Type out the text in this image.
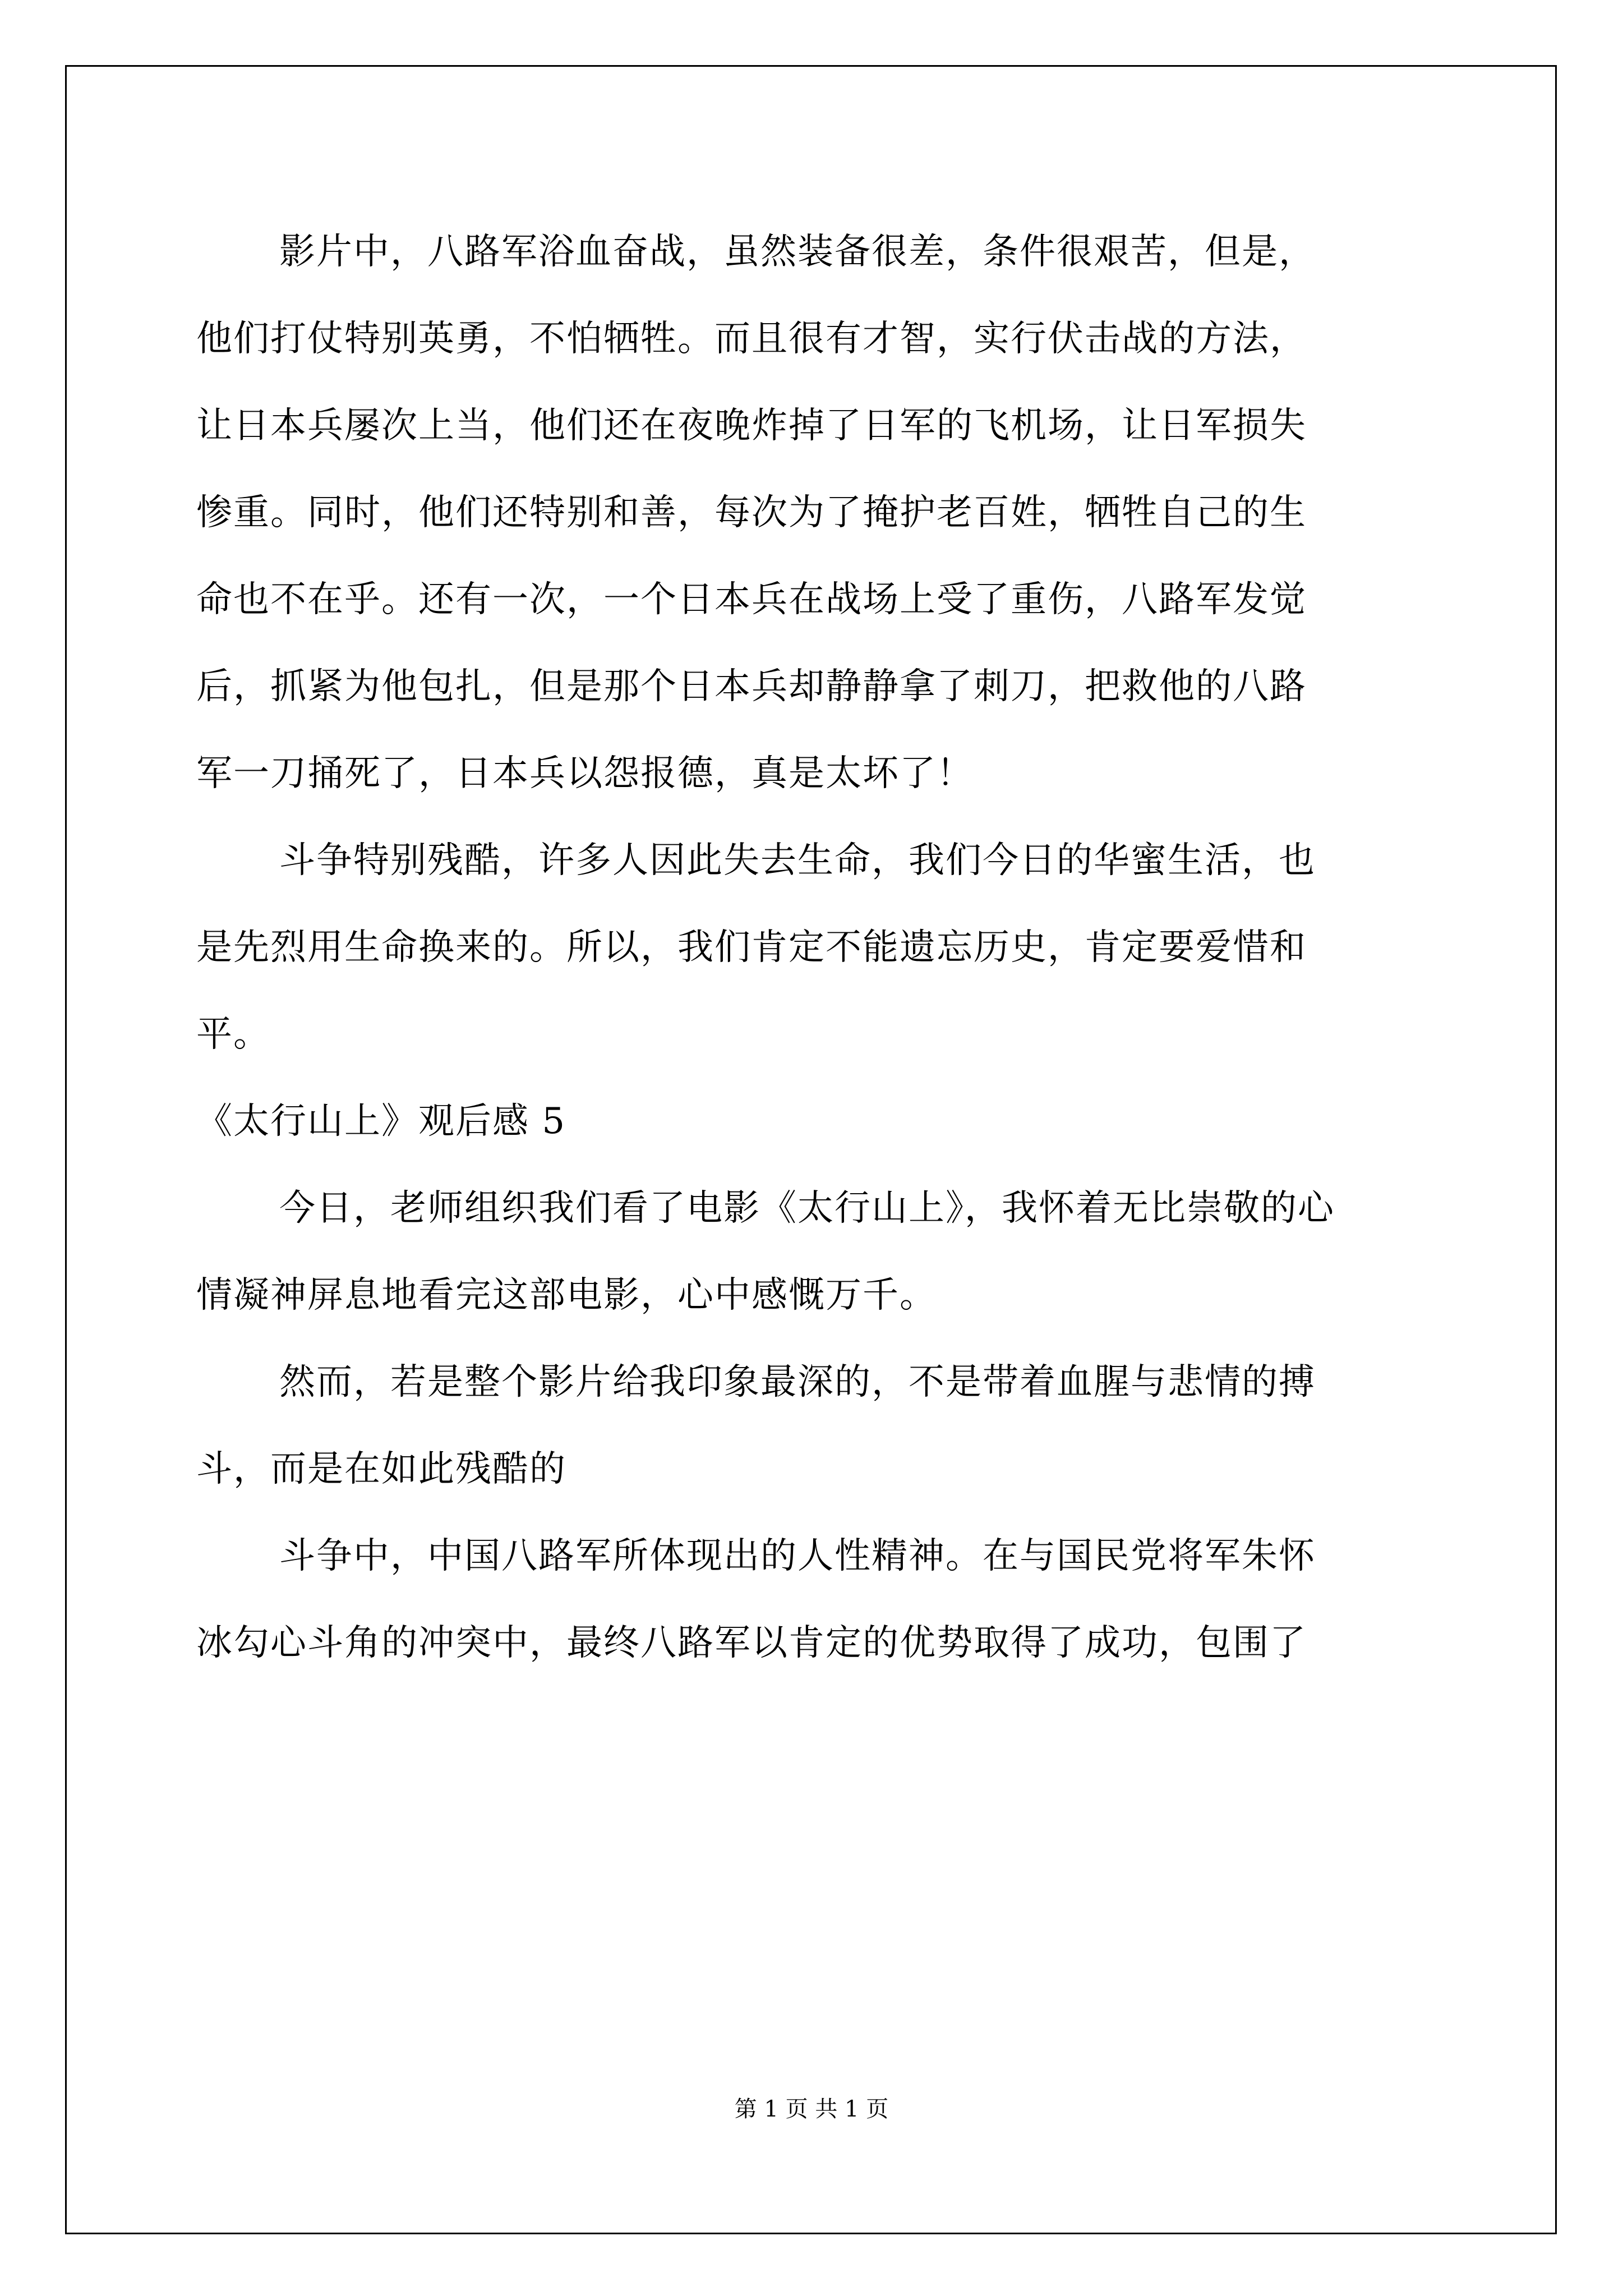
影片中，八路军浴血奋战，虽然装备很差，条件很艰苦，但是，
他们打仗特别英勇，不怕牺牲。而且很有才智，实行伏击战的方法，
让日本兵屡次上当，他们还在夜晚炸掉了日军的飞机场，让日军损失
惨重。同时，他们还特别和善，每次为了掩护老百姓，牺牲自己的生
命也不在乎。还有一次，一个日本兵在战场上受了重伤，八路军发觉
后，抓紧为他包扎，但是那个日本兵却静静拿了刺刀，把救他的八路
军一刀捅死了，日本兵以怨报德，真是太坏了！
斗争特别残酷，许多人因此失去生命，我们今日的华蜜生活，也
是先烈用生命换来的。所以，我们肯定不能遗忘历史，肯定要爱惜和
平。
《太行山上》观后感 5
今日，老师组织我们看了电影《太行山上》，我怀着无比崇敬的心
情凝神屏息地看完这部电影，心中感慨万千。
然而，若是整个影片给我印象最深的，不是带着血腥与悲情的搏
斗，而是在如此残酷的
斗争中，中国八路军所体现出的人性精神。在与国民党将军朱怀
冰勾心斗角的冲突中，最终八路军以肯定的优势取得了成功，包围了
第 1 页 共 1 页
